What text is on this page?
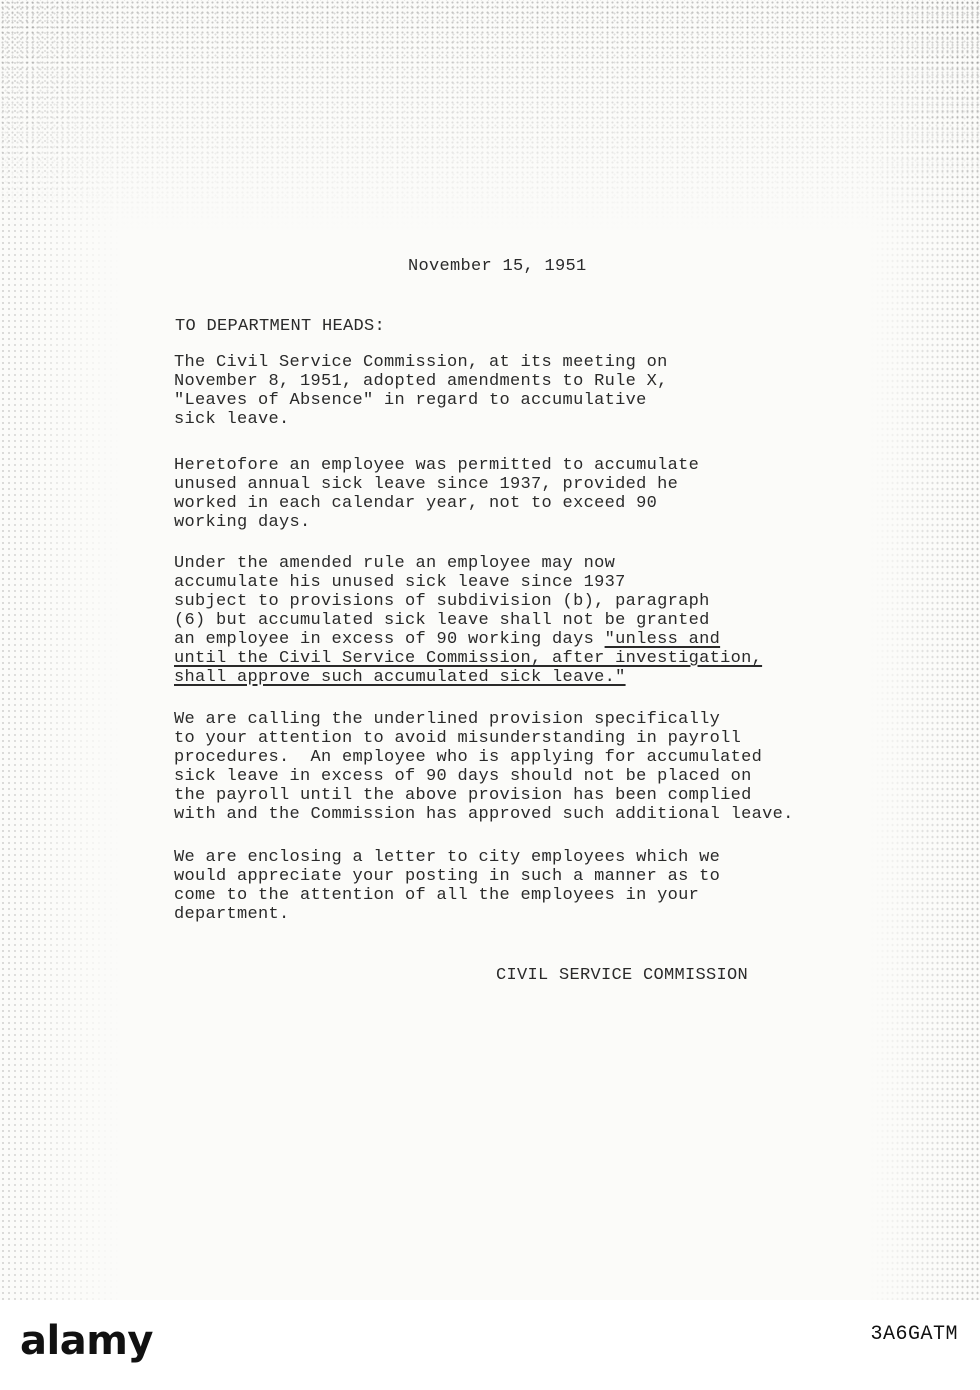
November 15, 1951
TO DEPARTMENT HEADS:
The Civil Service Commission, at its meeting on
November 8, 1951, adopted amendments to Rule X,
"Leaves of Absence" in regard to accumulative
sick leave.
Heretofore an employee was permitted to accumulate
unused annual sick leave since 1937, provided he
worked in each calendar year, not to exceed 90
working days.
Under the amended rule an employee may now
accumulate his unused sick leave since 1937
subject to provisions of subdivision (b), paragraph
(6) but accumulated sick leave shall not be granted
an employee in excess of 90 working days "unless and
until the Civil Service Commission, after investigation,
shall approve such accumulated sick leave."
We are calling the underlined provision specifically
to your attention to avoid misunderstanding in payroll
procedures.  An employee who is applying for accumulated
sick leave in excess of 90 days should not be placed on
the payroll until the above provision has been complied
with and the Commission has approved such additional leave.
We are enclosing a letter to city employees which we
would appreciate your posting in such a manner as to
come to the attention of all the employees in your
department.
CIVIL SERVICE COMMISSION
alamy	3A6GATM
